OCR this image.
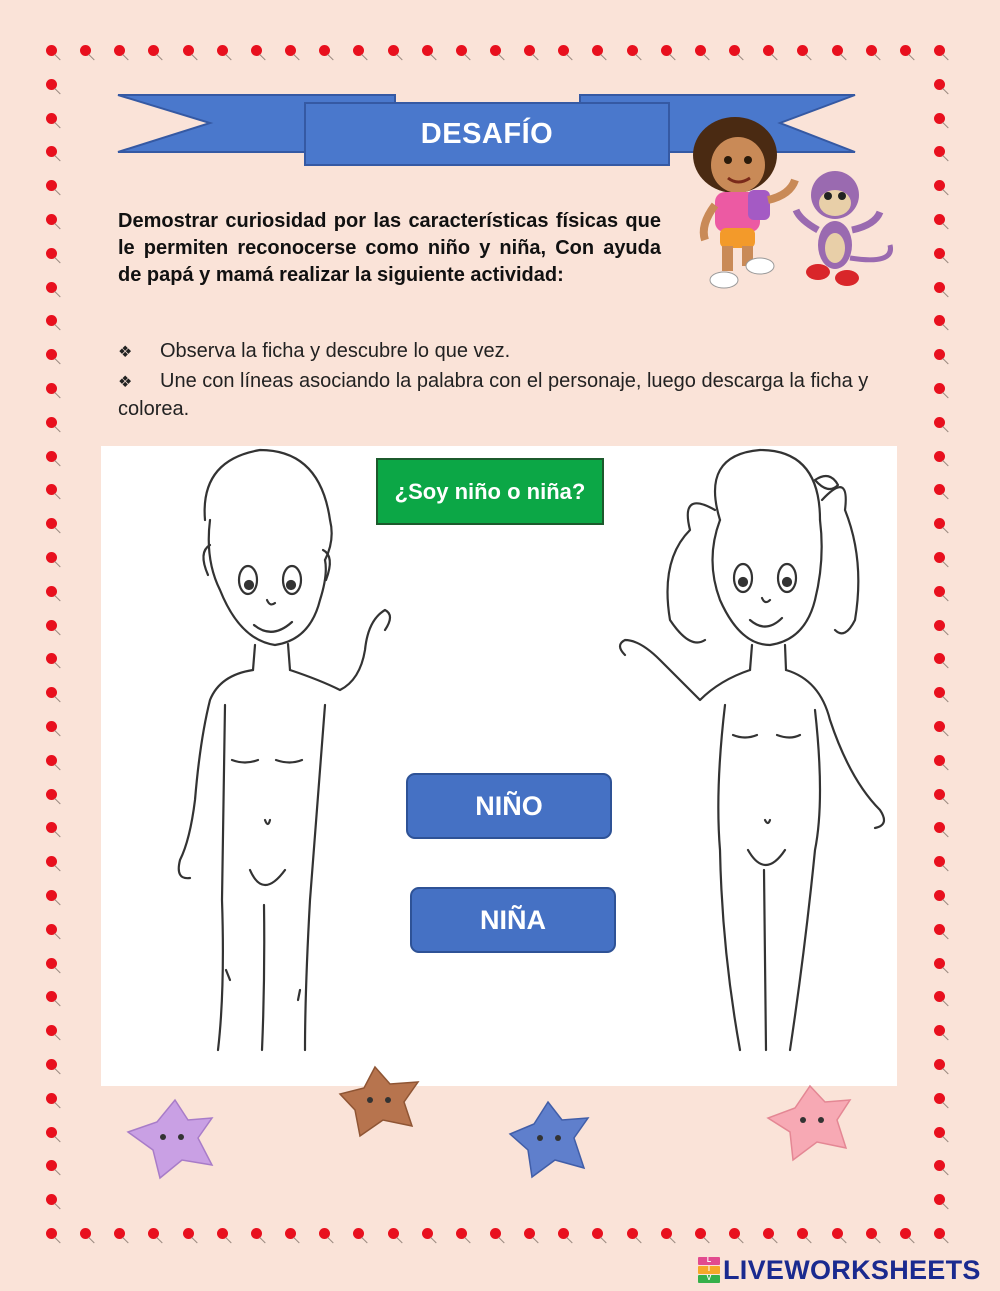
DESAFÍO

Demostrar curiosidad por las características físicas que le permiten reconocerse como niño y niña, Con ayuda de papá y mamá realizar la siguiente actividad:

❖ Observa la ficha y descubre lo que vez.

❖ Une con líneas asociando la palabra con el personaje, luego descarga la ficha y colorea.

¿Soy niño o niña?
NIÑO
NIÑA
L
I
V LIVEWORKSHEETS
